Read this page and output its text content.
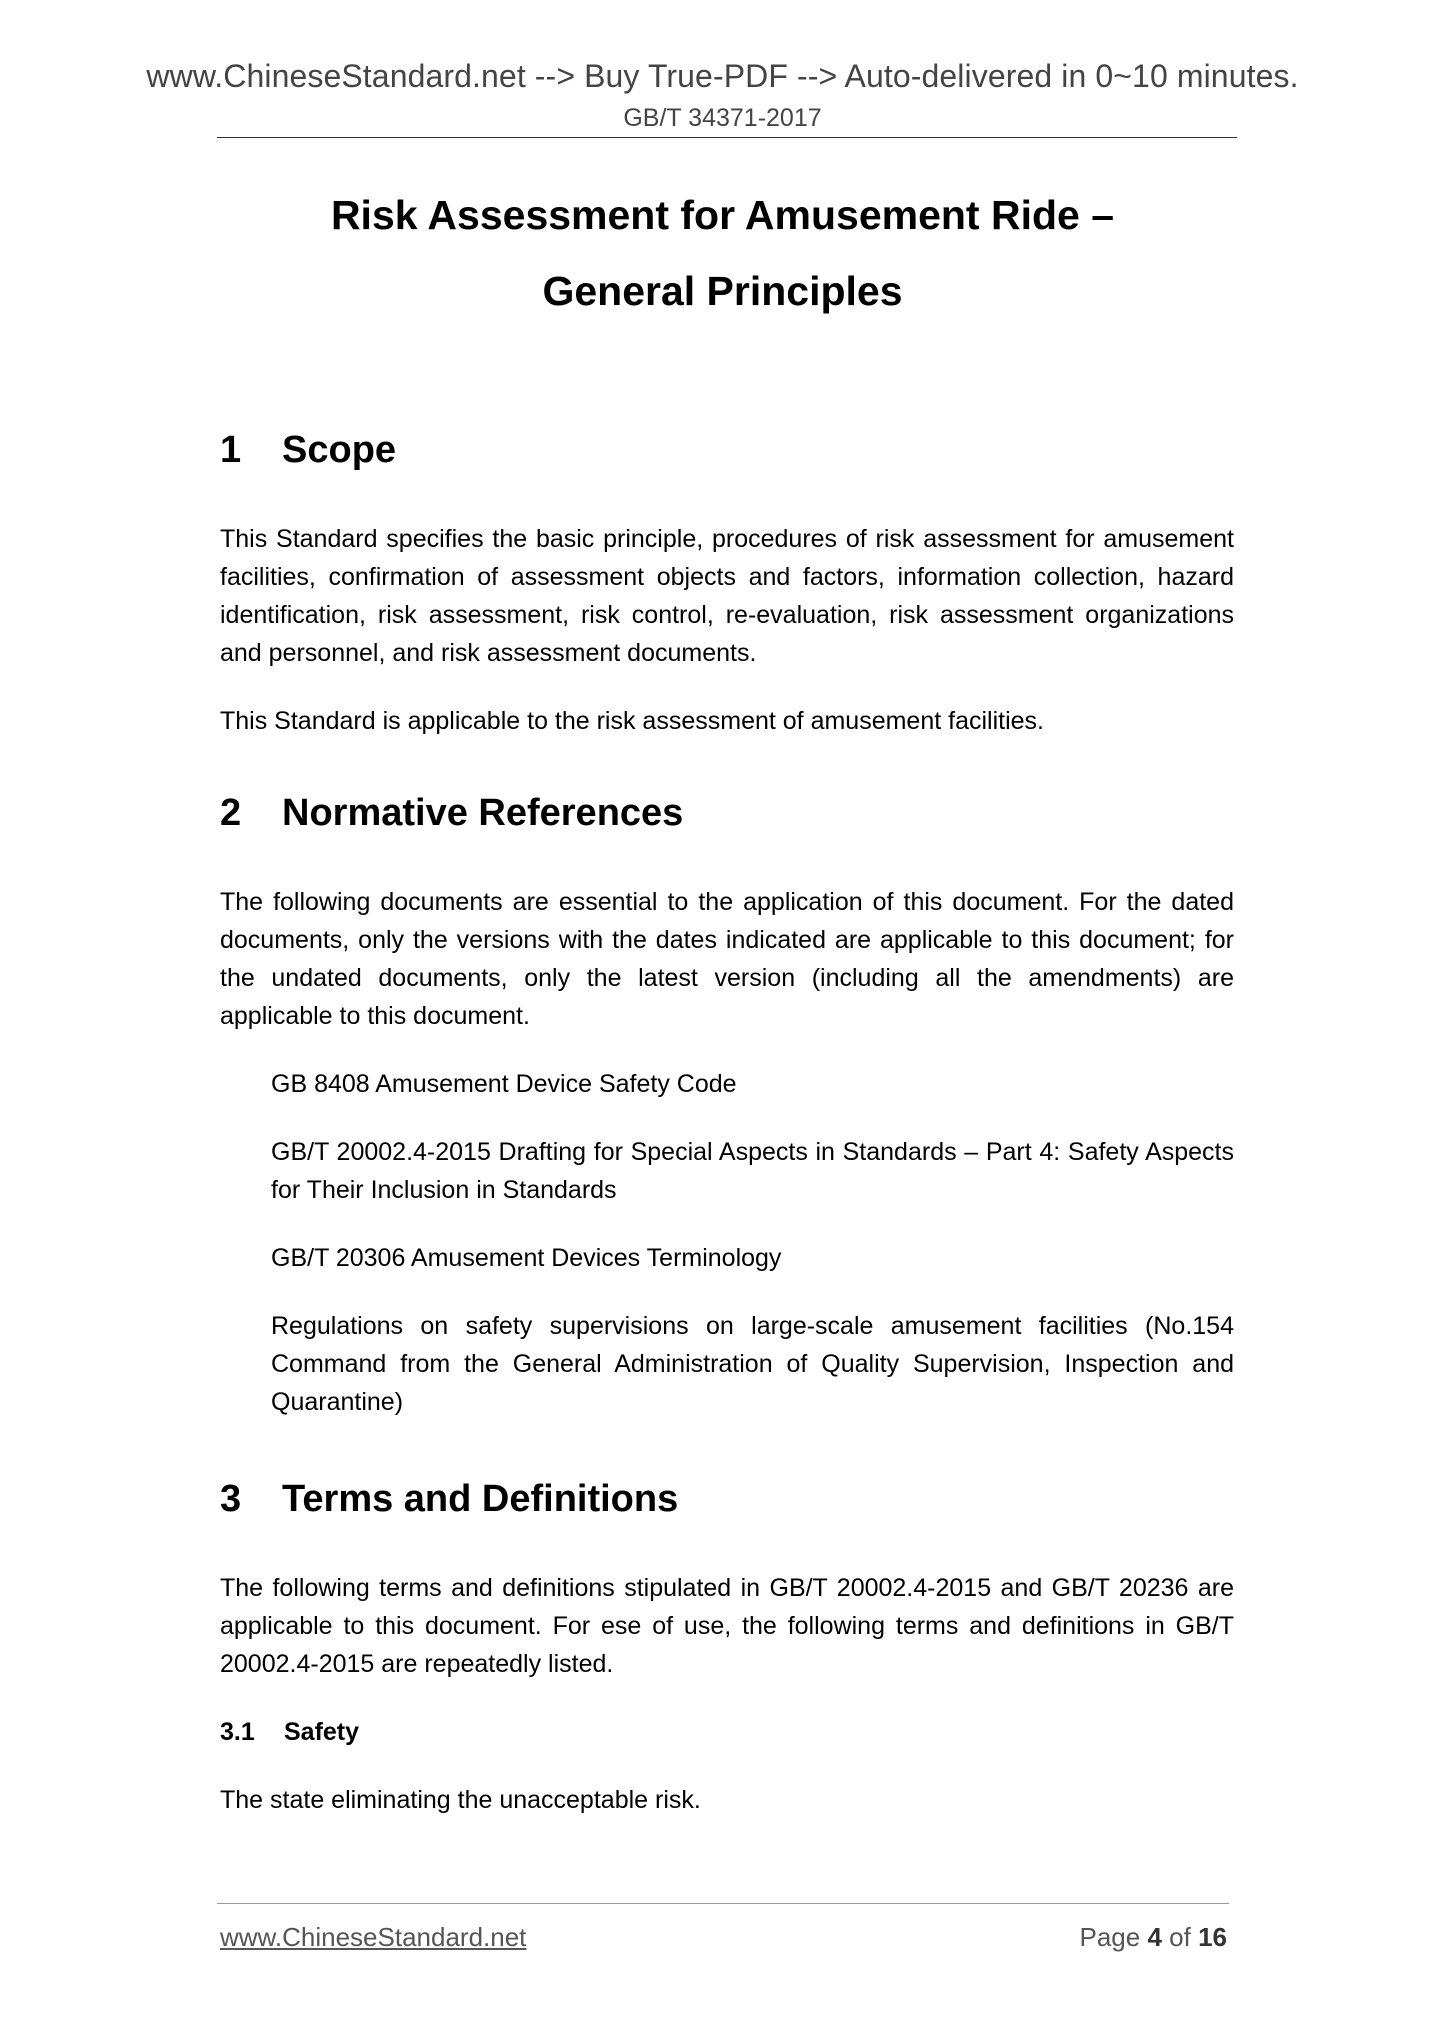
www.ChineseStandard.net --> Buy True-PDF --> Auto-delivered in 0~10 minutes.
GB/T 34371-2017
Risk Assessment for Amusement Ride –
General Principles
1 Scope

This Standard specifies the basic principle, procedures of risk assessment for amusement facilities, confirmation of assessment objects and factors, information collection, hazard identification, risk assessment, risk control, re-evaluation, risk assessment organizations and personnel, and risk assessment documents.

This Standard is applicable to the risk assessment of amusement facilities.

2 Normative References

The following documents are essential to the application of this document. For the dated documents, only the versions with the dates indicated are applicable to this document; for the undated documents, only the latest version (including all the amendments) are applicable to this document.

GB 8408 Amusement Device Safety Code

GB/T 20002.4-2015 Drafting for Special Aspects in Standards – Part 4: Safety Aspects for Their Inclusion in Standards

GB/T 20306 Amusement Devices Terminology

Regulations on safety supervisions on large-scale amusement facilities (No.154 Command from the General Administration of Quality Supervision, Inspection and Quarantine)

3 Terms and Definitions

The following terms and definitions stipulated in GB/T 20002.4-2015 and GB/T 20236 are applicable to this document. For ese of use, the following terms and definitions in GB/T 20002.4-2015 are repeatedly listed.

3.1 Safety

The state eliminating the unacceptable risk.

www.ChineseStandard.net	Page 4 of 16
